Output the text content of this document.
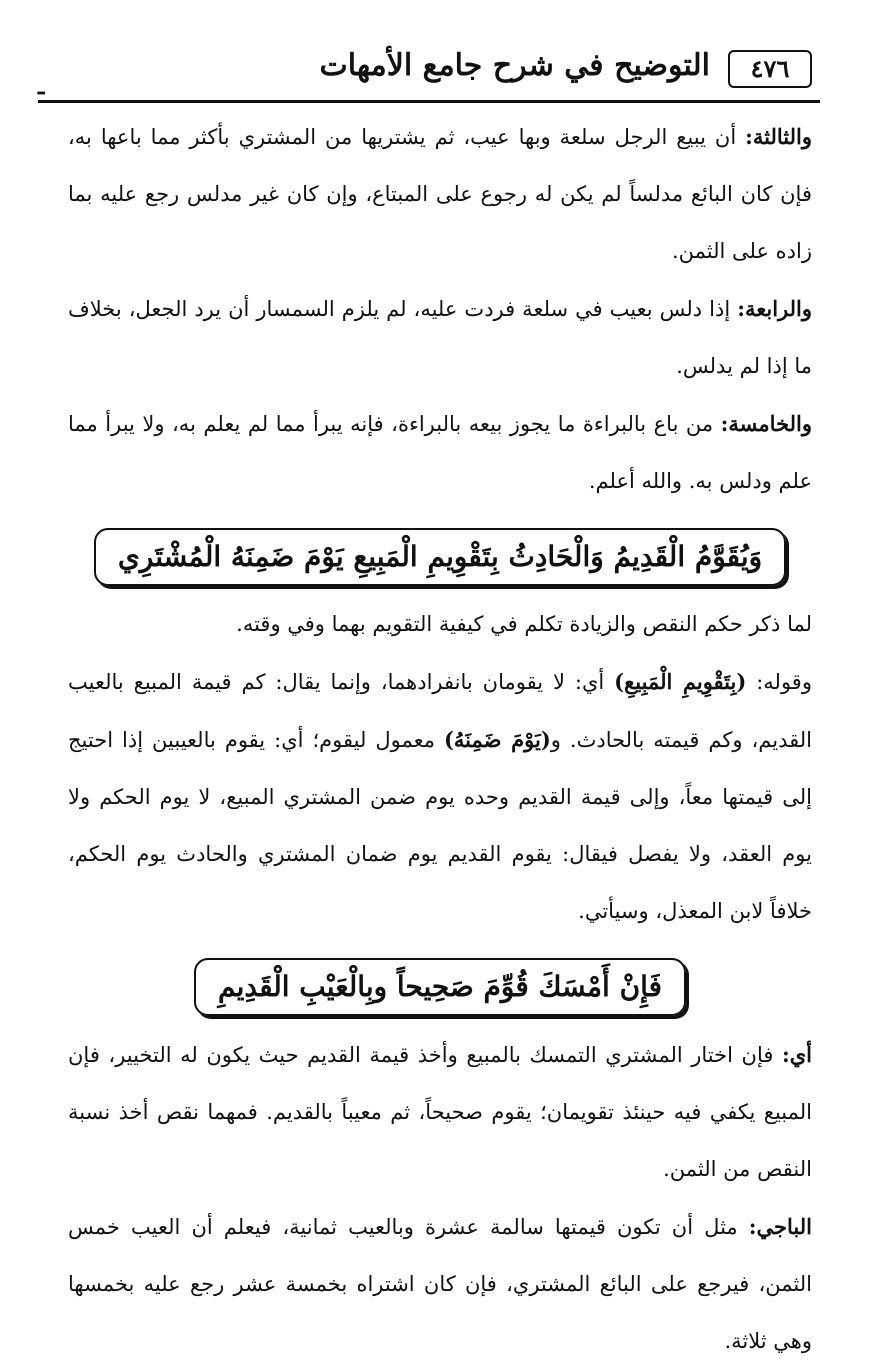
٤٧٦
التوضيح في شرح جامع الأمهات
ـ

والثالثة: أن يبيع الرجل سلعة وبها عيب، ثم يشتريها من المشتري بأكثر مما باعها به، فإن كان البائع مدلساً لم يكن له رجوع على المبتاع، وإن كان غير مدلس رجع عليه بما زاده على الثمن.

والرابعة: إذا دلس بعيب في سلعة فردت عليه، لم يلزم السمسار أن يرد الجعل، بخلاف ما إذا لم يدلس.

والخامسة: من باع بالبراءة ما يجوز بيعه بالبراءة، فإنه يبرأ مما لم يعلم به، ولا يبرأ مما علم ودلس به. والله أعلم.

وَيُقَوَّمُ الْقَدِيمُ وَالْحَادِثُ بِتَقْوِيمِ الْمَبِيعِ يَوْمَ ضَمِنَهُ الْمُشْتَرِي

لما ذكر حكم النقص والزيادة تكلم في كيفية التقويم بهما وفي وقته.

وقوله: (بِتَقْوِيمِ الْمَبِيعِ) أي: لا يقومان بانفرادهما، وإنما يقال: كم قيمة المبيع بالعيب القديم، وكم قيمته بالحادث. و(يَوْمَ ضَمِنَهُ) معمول ليقوم؛ أي: يقوم بالعيبين إذا احتيج إلى قيمتها معاً، وإلى قيمة القديم وحده يوم ضمن المشتري المبيع، لا يوم الحكم ولا يوم العقد، ولا يفصل فيقال: يقوم القديم يوم ضمان المشتري والحادث يوم الحكم، خلافاً لابن المعذل، وسيأتي.

فَإِنْ أَمْسَكَ قُوِّمَ صَحِيحاً وبِالْعَيْبِ الْقَدِيمِ

أي: فإن اختار المشتري التمسك بالمبيع وأخذ قيمة القديم حيث يكون له التخيير، فإن المبيع يكفي فيه حينئذ تقويمان؛ يقوم صحيحاً، ثم معيباً بالقديم. فمهما نقص أخذ نسبة النقص من الثمن.

الباجي: مثل أن تكون قيمتها سالمة عشرة وبالعيب ثمانية، فيعلم أن العيب خمس الثمن، فيرجع على البائع المشتري، فإن كان اشتراه بخمسة عشر رجع عليه بخمسها وهي ثلاثة.
